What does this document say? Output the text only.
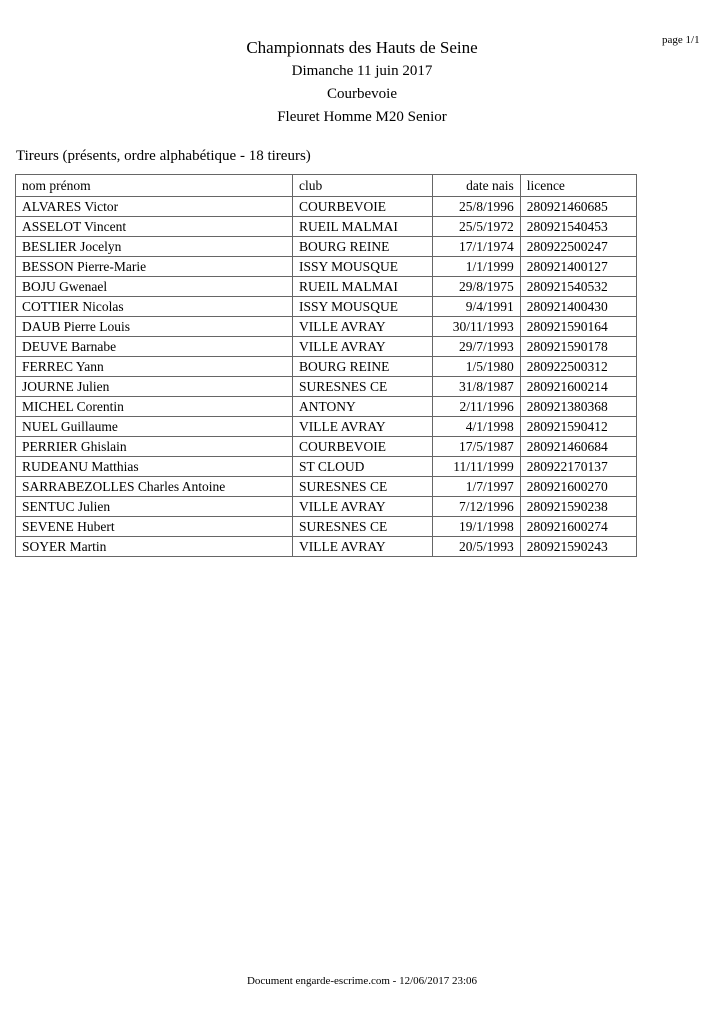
page 1/1
Championnats des Hauts de Seine
Dimanche 11 juin 2017
Courbevoie
Fleuret Homme M20 Senior
Tireurs (présents, ordre alphabétique - 18 tireurs)
nom prénom	club	date nais	licence
ALVARES Victor	COURBEVOIE	25/8/1996	280921460685
ASSELOT Vincent	RUEIL MALMAI	25/5/1972	280921540453
BESLIER Jocelyn	BOURG REINE	17/1/1974	280922500247
BESSON Pierre-Marie	ISSY MOUSQUE	1/1/1999	280921400127
BOJU Gwenael	RUEIL MALMAI	29/8/1975	280921540532
COTTIER Nicolas	ISSY MOUSQUE	9/4/1991	280921400430
DAUB Pierre Louis	VILLE AVRAY	30/11/1993	280921590164
DEUVE Barnabe	VILLE AVRAY	29/7/1993	280921590178
FERREC Yann	BOURG REINE	1/5/1980	280922500312
JOURNE Julien	SURESNES CE	31/8/1987	280921600214
MICHEL Corentin	ANTONY	2/11/1996	280921380368
NUEL Guillaume	VILLE AVRAY	4/1/1998	280921590412
PERRIER Ghislain	COURBEVOIE	17/5/1987	280921460684
RUDEANU Matthias	ST CLOUD	11/11/1999	280922170137
SARRABEZOLLES Charles Antoine	SURESNES CE	1/7/1997	280921600270
SENTUC Julien	VILLE AVRAY	7/12/1996	280921590238
SEVENE Hubert	SURESNES CE	19/1/1998	280921600274
SOYER Martin	VILLE AVRAY	20/5/1993	280921590243
Document engarde-escrime.com - 12/06/2017 23:06
